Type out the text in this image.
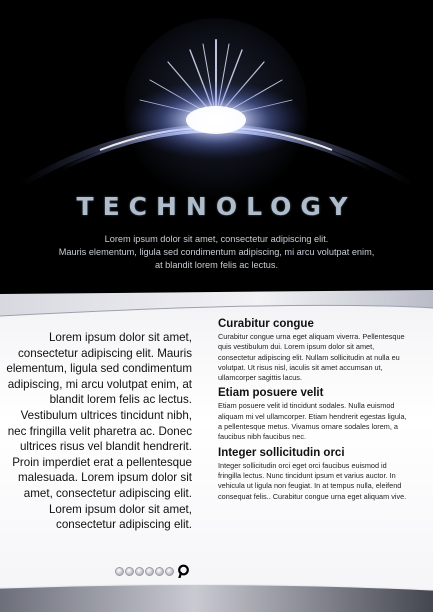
TECHNOLOGY
Lorem ipsum dolor sit amet, consectetur adipiscing elit.
Mauris elementum, ligula sed condimentum adipiscing, mi arcu volutpat enim,
at blandit lorem felis ac lectus.
Lorem ipsum dolor sit amet, consectetur adipiscing elit. Mauris elementum, ligula sed condimentum adipiscing, mi arcu volutpat enim, at blandit lorem felis ac lectus. Vestibulum ultrices tincidunt nibh, nec fringilla velit pharetra ac. Donec ultrices risus vel blandit hendrerit. Proin imperdiet erat a pellentesque malesuada. Lorem ipsum dolor sit amet, consectetur adipiscing elit. Lorem ipsum dolor sit amet, consectetur adipiscing elit.
Curabitur congue

Curabitur congue urna eget aliquam viverra. Pellentesque quis vestibulum dui. Lorem ipsum dolor sit amet, consectetur adipiscing elit. Nullam sollicitudin at nulla eu volutpat. Ut risus nisl, iaculis sit amet accumsan ut, ullamcorper sagittis lacus.

Etiam posuere velit

Etiam posuere velit id tincidunt sodales. Nulla euismod aliquam mi vel ullamcorper. Etiam hendrerit egestas ligula, a pellentesque metus. Vivamus ornare sodales lorem, a faucibus nibh faucibus nec.

Integer sollicitudin orci

Integer sollicitudin orci eget orci faucibus euismod id fringilla lectus. Nunc tincidunt ipsum et varius auctor. In vehicula ut ligula non feugiat. In at tempus nulla, eleifend consequat felis.. Curabitur congue urna eget aliquam vive.
